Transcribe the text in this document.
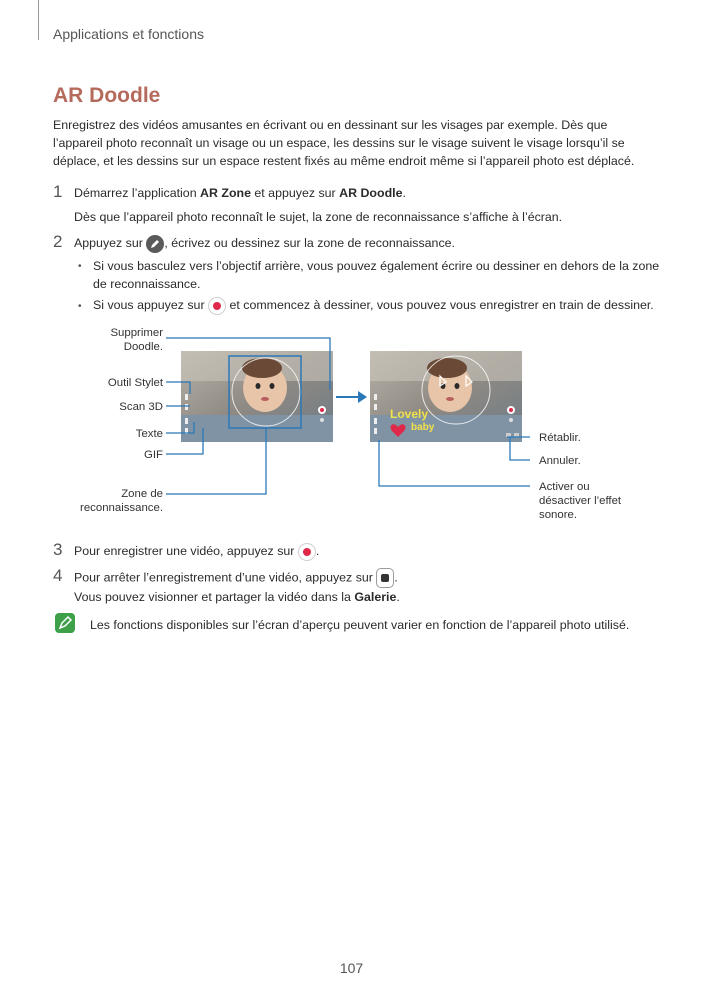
Applications et fonctions
AR Doodle
Enregistrez des vidéos amusantes en écrivant ou en dessinant sur les visages par exemple. Dès que l’appareil photo reconnaît un visage ou un espace, les dessins sur le visage suivent le visage lorsqu’il se déplace, et les dessins sur un espace restent fixés au même endroit même si l’appareil photo est déplacé.
1 Démarrez l’application AR Zone et appuyez sur AR Doodle.
Dès que l’appareil photo reconnaît le sujet, la zone de reconnaissance s’affiche à l’écran.
2 Appuyez sur , écrivez ou dessinez sur la zone de reconnaissance.
• Si vous basculez vers l’objectif arrière, vous pouvez également écrire ou dessiner en dehors de la zone
de reconnaissance.
• Si vous appuyez sur  et commencez à dessiner, vous pouvez vous enregistrer en train de dessiner.
Lovely
baby
Supprimer
Doodle.
Outil Stylet
Scan 3D
Texte
GIF
Zone de
reconnaissance.
Rétablir.
Annuler.
Activer ou
désactiver l’effet
sonore.
3 Pour enregistrer une vidéo, appuyez sur .
4 Pour arrêter l’enregistrement d’une vidéo, appuyez sur .
Vous pouvez visionner et partager la vidéo dans la Galerie.
Les fonctions disponibles sur l’écran d’aperçu peuvent varier en fonction de l’appareil photo utilisé.
107
